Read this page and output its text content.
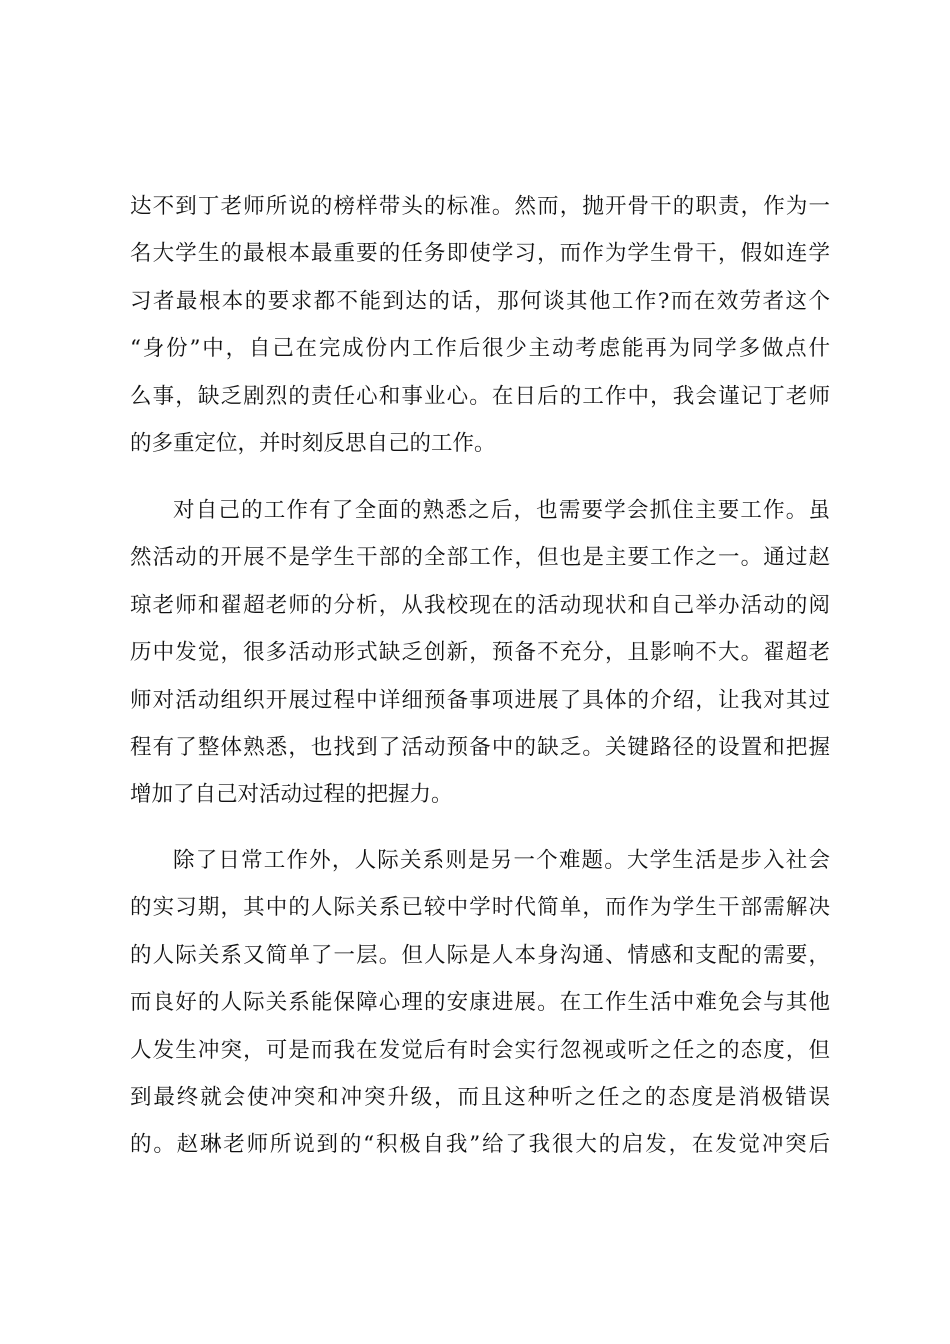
达不到丁老师所说的榜样带头的标准。然而，抛开骨干的职责，作为一
名大学生的最根本最重要的任务即使学习，而作为学生骨干，假如连学
习者最根本的要求都不能到达的话，那何谈其他工作?而在效劳者这个
“身份”中，自己在完成份内工作后很少主动考虑能再为同学多做点什
么事，缺乏剧烈的责任心和事业心。在日后的工作中，我会谨记丁老师
的多重定位，并时刻反思自己的工作。
对自己的工作有了全面的熟悉之后，也需要学会抓住主要工作。虽
然活动的开展不是学生干部的全部工作，但也是主要工作之一。通过赵
琼老师和翟超老师的分析，从我校现在的活动现状和自己举办活动的阅
历中发觉，很多活动形式缺乏创新，预备不充分，且影响不大。翟超老
师对活动组织开展过程中详细预备事项进展了具体的介绍，让我对其过
程有了整体熟悉，也找到了活动预备中的缺乏。关键路径的设置和把握
增加了自己对活动过程的把握力。
除了日常工作外，人际关系则是另一个难题。大学生活是步入社会
的实习期，其中的人际关系已较中学时代简单，而作为学生干部需解决
的人际关系又简单了一层。但人际是人本身沟通、情感和支配的需要，
而良好的人际关系能保障心理的安康进展。在工作生活中难免会与其他
人发生冲突，可是而我在发觉后有时会实行忽视或听之任之的态度，但
到最终就会使冲突和冲突升级，而且这种听之任之的态度是消极错误
的。赵琳老师所说到的“积极自我”给了我很大的启发，在发觉冲突后
